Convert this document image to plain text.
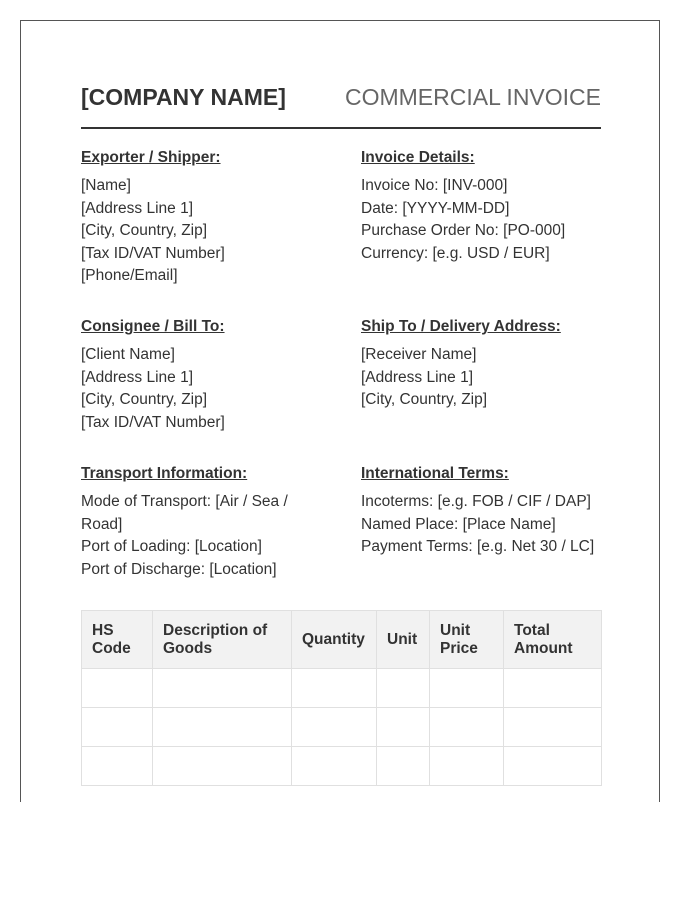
[COMPANY NAME]	COMMERCIAL INVOICE
Exporter / Shipper:
[Name]
[Address Line 1]
[City, Country, Zip]
[Tax ID/VAT Number]
[Phone/Email]
Invoice Details:
Invoice No: [INV-000]
Date: [YYYY-MM-DD]
Purchase Order No: [PO-000]
Currency: [e.g. USD / EUR]
Consignee / Bill To:
[Client Name]
[Address Line 1]
[City, Country, Zip]
[Tax ID/VAT Number]
Ship To / Delivery Address:
[Receiver Name]
[Address Line 1]
[City, Country, Zip]
Transport Information:
Mode of Transport: [Air / Sea / Road]
Port of Loading: [Location]
Port of Discharge: [Location]
International Terms:
Incoterms: [e.g. FOB / CIF / DAP]
Named Place: [Place Name]
Payment Terms: [e.g. Net 30 / LC]
HS Code	Description of Goods	Quantity	Unit	Unit Price	Total Amount
